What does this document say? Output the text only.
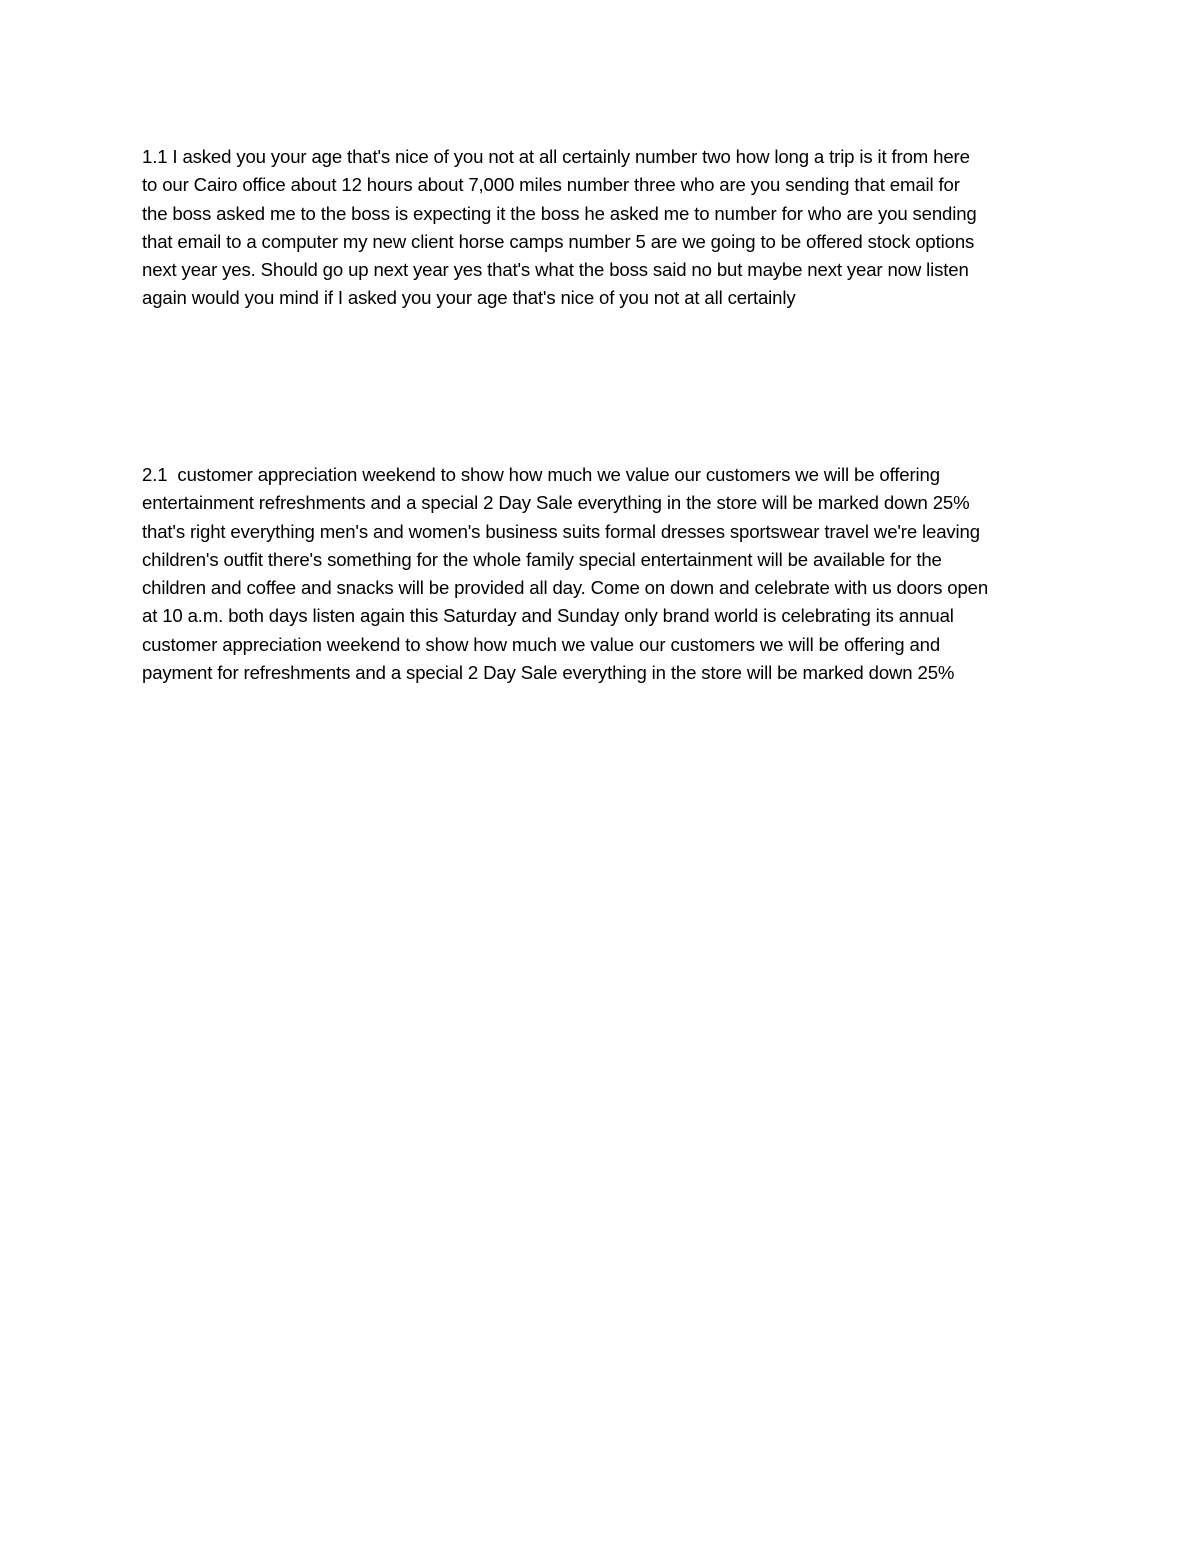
1.1 I asked you your age that's nice of you not at all certainly number two how long a trip is it from here
to our Cairo office about 12 hours about 7,000 miles number three who are you sending that email for
the boss asked me to the boss is expecting it the boss he asked me to number for who are you sending
that email to a computer my new client horse camps number 5 are we going to be offered stock options
next year yes. Should go up next year yes that's what the boss said no but maybe next year now listen
again would you mind if I asked you your age that's nice of you not at all certainly

2.1  customer appreciation weekend to show how much we value our customers we will be offering
entertainment refreshments and a special 2 Day Sale everything in the store will be marked down 25%
that's right everything men's and women's business suits formal dresses sportswear travel we're leaving
children's outfit there's something for the whole family special entertainment will be available for the
children and coffee and snacks will be provided all day. Come on down and celebrate with us doors open
at 10 a.m. both days listen again this Saturday and Sunday only brand world is celebrating its annual
customer appreciation weekend to show how much we value our customers we will be offering and
payment for refreshments and a special 2 Day Sale everything in the store will be marked down 25%
